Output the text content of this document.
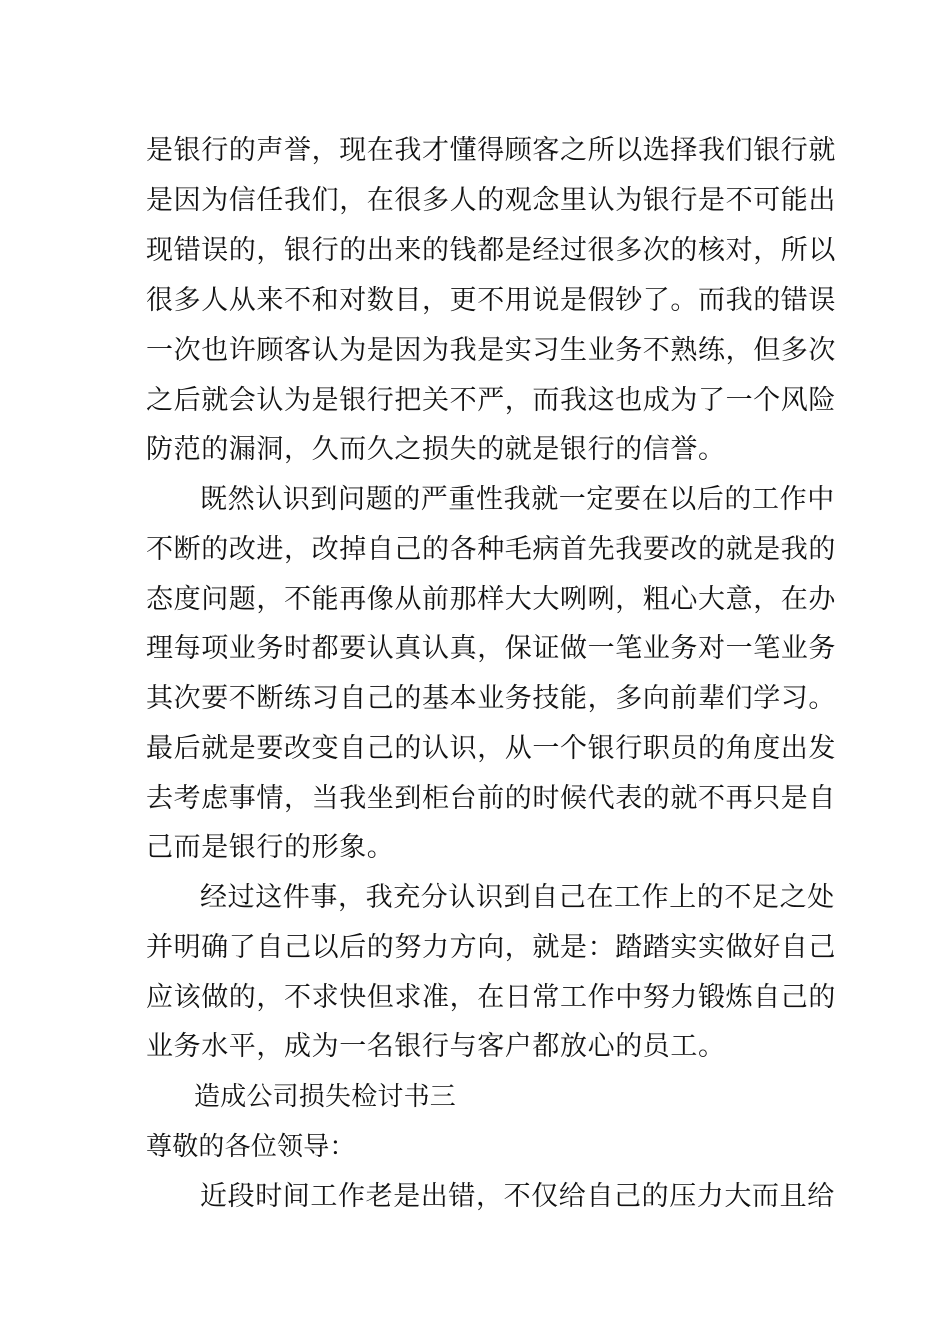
是银行的声誉，现在我才懂得顾客之所以选择我们银行就
是因为信任我们，在很多人的观念里认为银行是不可能出
现错误的，银行的出来的钱都是经过很多次的核对，所以
很多人从来不和对数目，更不用说是假钞了。而我的错误
一次也许顾客认为是因为我是实习生业务不熟练，但多次
之后就会认为是银行把关不严，而我这也成为了一个风险
防范的漏洞，久而久之损失的就是银行的信誉。
既然认识到问题的严重性我就一定要在以后的工作中
不断的改进，改掉自己的各种毛病首先我要改的就是我的
态度问题，不能再像从前那样大大咧咧，粗心大意，在办
理每项业务时都要认真认真，保证做一笔业务对一笔业务
其次要不断练习自己的基本业务技能，多向前辈们学习。
最后就是要改变自己的认识，从一个银行职员的角度出发
去考虑事情，当我坐到柜台前的时候代表的就不再只是自
己而是银行的形象。
经过这件事，我充分认识到自己在工作上的不足之处
并明确了自己以后的努力方向，就是：踏踏实实做好自己
应该做的，不求快但求准，在日常工作中努力锻炼自己的
业务水平，成为一名银行与客户都放心的员工。
造成公司损失检讨书三
尊敬的各位领导：
近段时间工作老是出错，不仅给自己的压力大而且给
